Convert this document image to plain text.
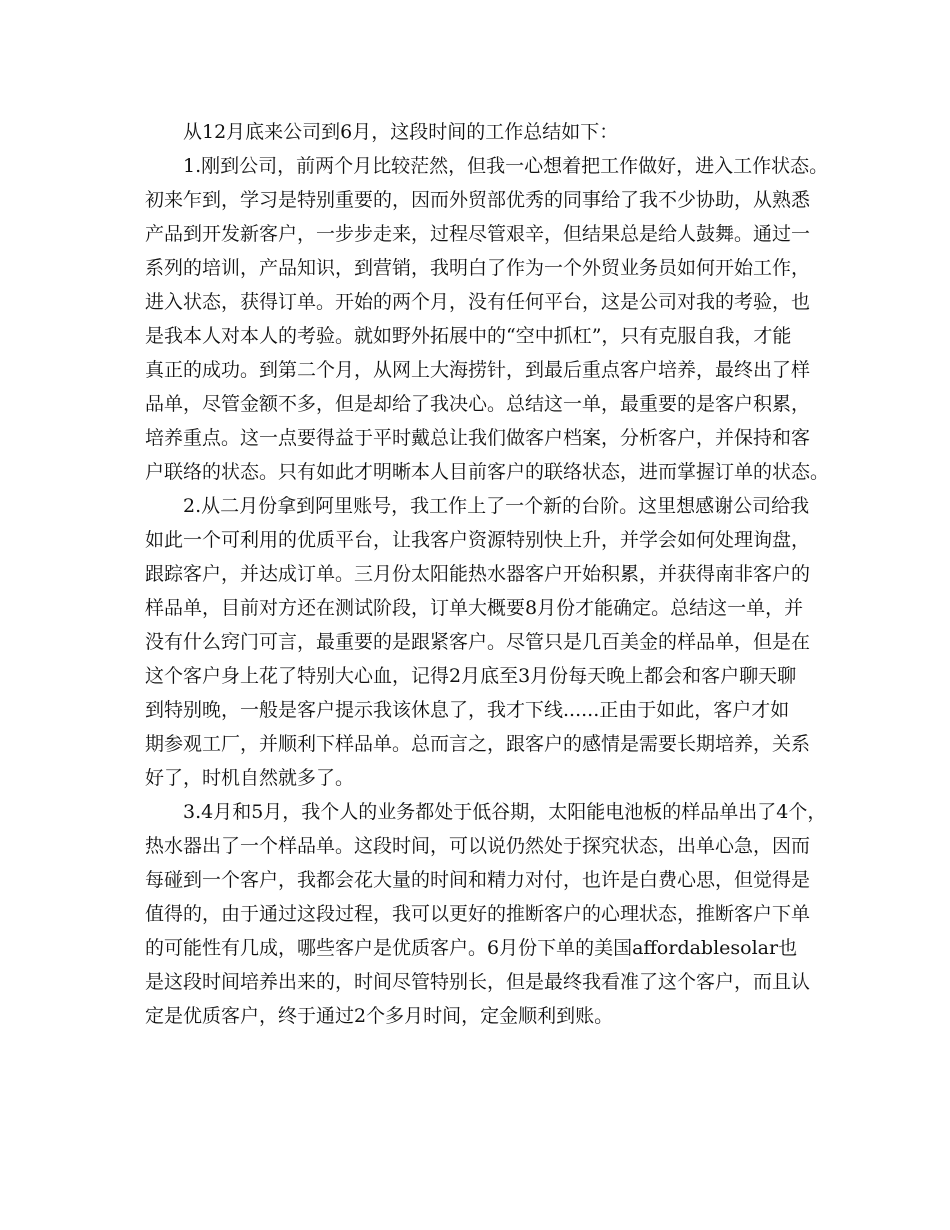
从12月底来公司到6月，这段时间的工作总结如下：
1.刚到公司，前两个月比较茫然，但我一心想着把工作做好，进入工作状态。
初来乍到，学习是特别重要的，因而外贸部优秀的同事给了我不少协助，从熟悉
产品到开发新客户，一步步走来，过程尽管艰辛，但结果总是给人鼓舞。通过一
系列的培训，产品知识，到营销，我明白了作为一个外贸业务员如何开始工作，
进入状态，获得订单。开始的两个月，没有任何平台，这是公司对我的考验，也
是我本人对本人的考验。就如野外拓展中的“空中抓杠”，只有克服自我，才能
真正的成功。到第二个月，从网上大海捞针，到最后重点客户培养，最终出了样
品单，尽管金额不多，但是却给了我决心。总结这一单，最重要的是客户积累，
培养重点。这一点要得益于平时戴总让我们做客户档案，分析客户，并保持和客
户联络的状态。只有如此才明晰本人目前客户的联络状态，进而掌握订单的状态。
2.从二月份拿到阿里账号，我工作上了一个新的台阶。这里想感谢公司给我
如此一个可利用的优质平台，让我客户资源特别快上升，并学会如何处理询盘，
跟踪客户，并达成订单。三月份太阳能热水器客户开始积累，并获得南非客户的
样品单，目前对方还在测试阶段，订单大概要8月份才能确定。总结这一单，并
没有什么窍门可言，最重要的是跟紧客户。尽管只是几百美金的样品单，但是在
这个客户身上花了特别大心血，记得2月底至3月份每天晚上都会和客户聊天聊
到特别晚，一般是客户提示我该休息了，我才下线......正由于如此，客户才如
期参观工厂，并顺利下样品单。总而言之，跟客户的感情是需要长期培养，关系
好了，时机自然就多了。
3.4月和5月，我个人的业务都处于低谷期，太阳能电池板的样品单出了4个，
热水器出了一个样品单。这段时间，可以说仍然处于探究状态，出单心急，因而
每碰到一个客户，我都会花大量的时间和精力对付，也许是白费心思，但觉得是
值得的，由于通过这段过程，我可以更好的推断客户的心理状态，推断客户下单
的可能性有几成，哪些客户是优质客户。6月份下单的美国affordablesolar也
是这段时间培养出来的，时间尽管特别长，但是最终我看准了这个客户，而且认
定是优质客户，终于通过2个多月时间，定金顺利到账。
